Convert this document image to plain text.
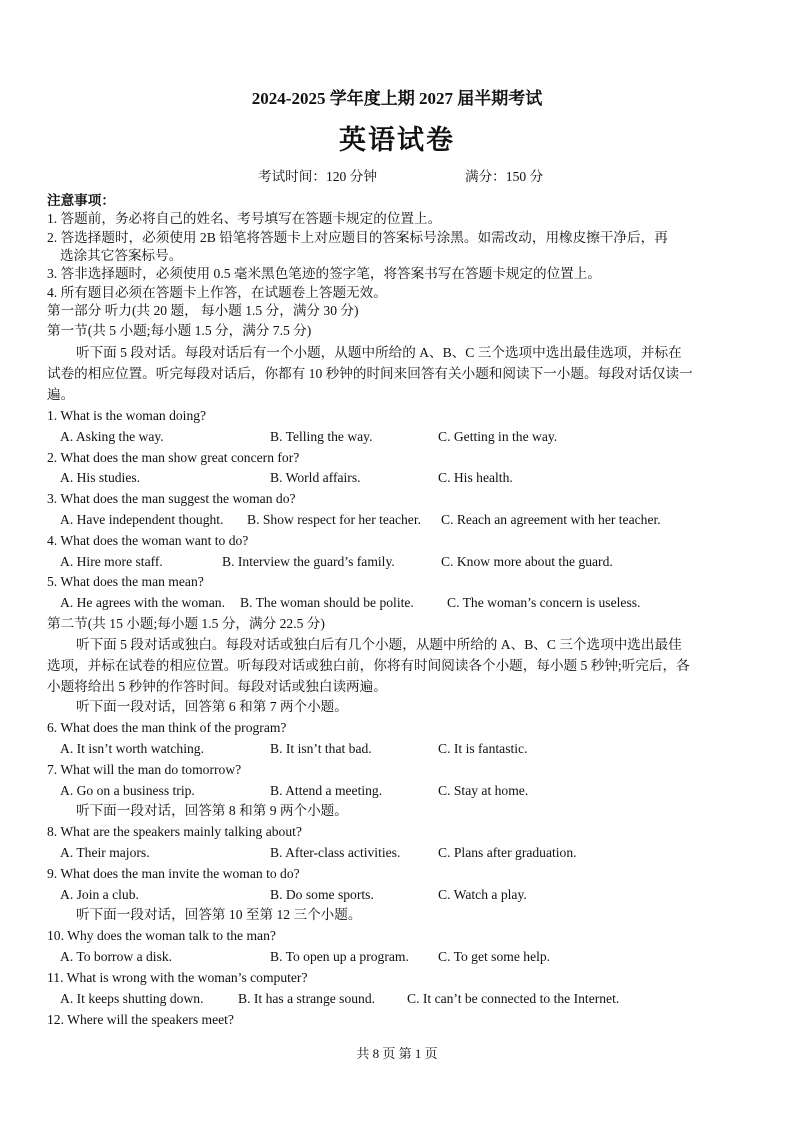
2024-2025 学年度上期 2027 届半期考试
英语试卷
考试时间：120 分钟	满分：150 分
注意事项：
1. 答题前，务必将自己的姓名、考号填写在答题卡规定的位置上。
2. 答选择题时，必须使用 2B 铅笔将答题卡上对应题目的答案标号涂黑。如需改动，用橡皮擦干净后，再
选涂其它答案标号。
3. 答非选择题时，必须使用 0.5 毫米黑色笔迹的签字笔，将答案书写在答题卡规定的位置上。
4. 所有题目必须在答题卡上作答，在试题卷上答题无效。
第一部分 听力(共 20 题， 每小题 1.5 分，满分 30 分)
第一节(共 5 小题;每小题 1.5 分，满分 7.5 分)
听下面 5 段对话。每段对话后有一个小题，从题中所给的 A、B、C 三个选项中选出最佳选项，并标在
试卷的相应位置。听完每段对话后，你都有 10 秒钟的时间来回答有关小题和阅读下一小题。每段对话仅读一
遍。
1. What is the woman doing?
A. Asking the way.	B. Telling the way.	C. Getting in the way.
2. What does the man show great concern for?
A. His studies.	B. World affairs.	C. His health.
3. What does the man suggest the woman do?
A. Have independent thought. B. Show respect for her teacher. C. Reach an agreement with her teacher.
4. What does the woman want to do?
A. Hire more staff.	B. Interview the guard’s family.	C. Know more about the guard.
5. What does the man mean?
A. He agrees with the woman. B. The woman should be polite. C. The woman’s concern is useless.
第二节(共 15 小题;每小题 1.5 分，满分 22.5 分)
听下面 5 段对话或独白。每段对话或独白后有几个小题，从题中所给的 A、B、C 三个选项中选出最佳
选项，并标在试卷的相应位置。听每段对话或独白前，你将有时间阅读各个小题，每小题 5 秒钟;听完后，各
小题将给出 5 秒钟的作答时间。每段对话或独白读两遍。
听下面一段对话，回答第 6 和第 7 两个小题。
6. What does the man think of the program?
A. It isn’t worth watching.	B. It isn’t that bad.	C. It is fantastic.
7. What will the man do tomorrow?
A. Go on a business trip.	B. Attend a meeting.	C. Stay at home.
听下面一段对话，回答第 8 和第 9 两个小题。
8. What are the speakers mainly talking about?
A. Their majors.	B. After-class activities.	C. Plans after graduation.
9. What does the man invite the woman to do?
A. Join a club.	B. Do some sports.	C. Watch a play.
听下面一段对话，回答第 10 至第 12 三个小题。
10. Why does the woman talk to the man?
A. To borrow a disk.	B. To open up a program. C. To get some help.
11. What is wrong with the woman’s computer?
A. It keeps shutting down.	B. It has a strange sound. C. It can’t be connected to the Internet.
12. Where will the speakers meet?
共 8 页 第 1 页
